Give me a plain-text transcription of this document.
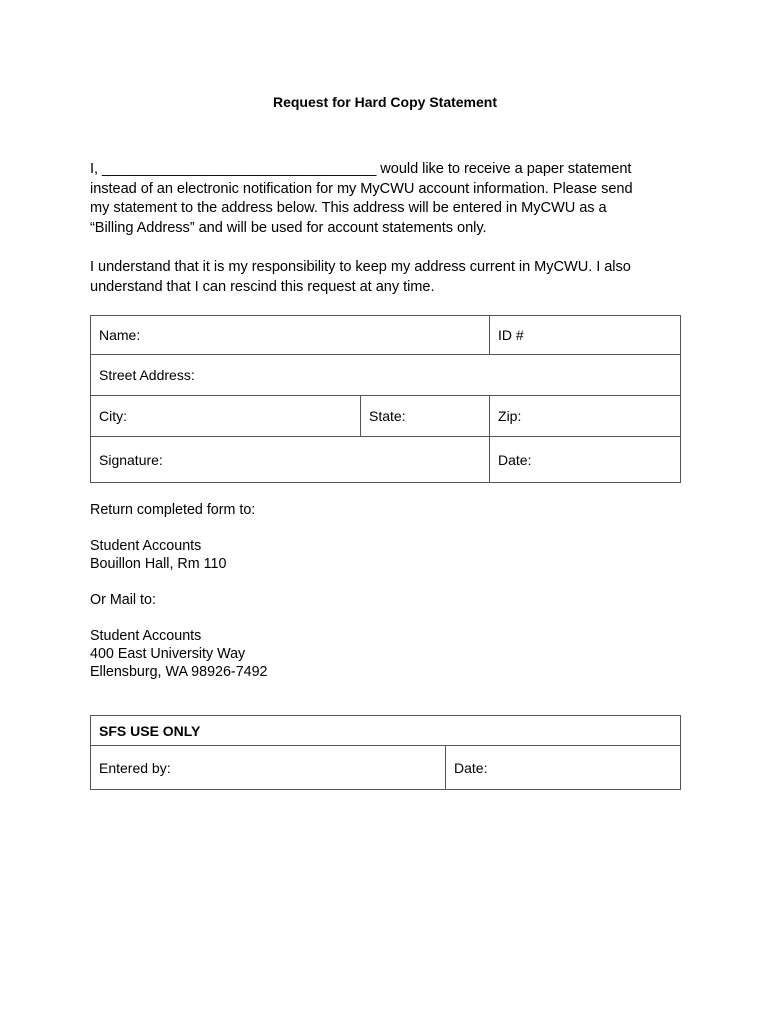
Request for Hard Copy Statement
I, __________________________________ would like to receive a paper statement
instead of an electronic notification for my MyCWU account information. Please send
my statement to the address below. This address will be entered in MyCWU as a
“Billing Address” and will be used for account statements only.
I understand that it is my responsibility to keep my address current in MyCWU. I also
understand that I can rescind this request at any time.
Name:		ID #
Street Address:		
City:	State:	Zip:
Signature:		Date:
Return completed form to:
Student Accounts
Bouillon Hall, Rm 110
Or Mail to:
Student Accounts
400 East University Way
Ellensburg, WA 98926-7492
SFS USE ONLY
Entered by:	Date:
